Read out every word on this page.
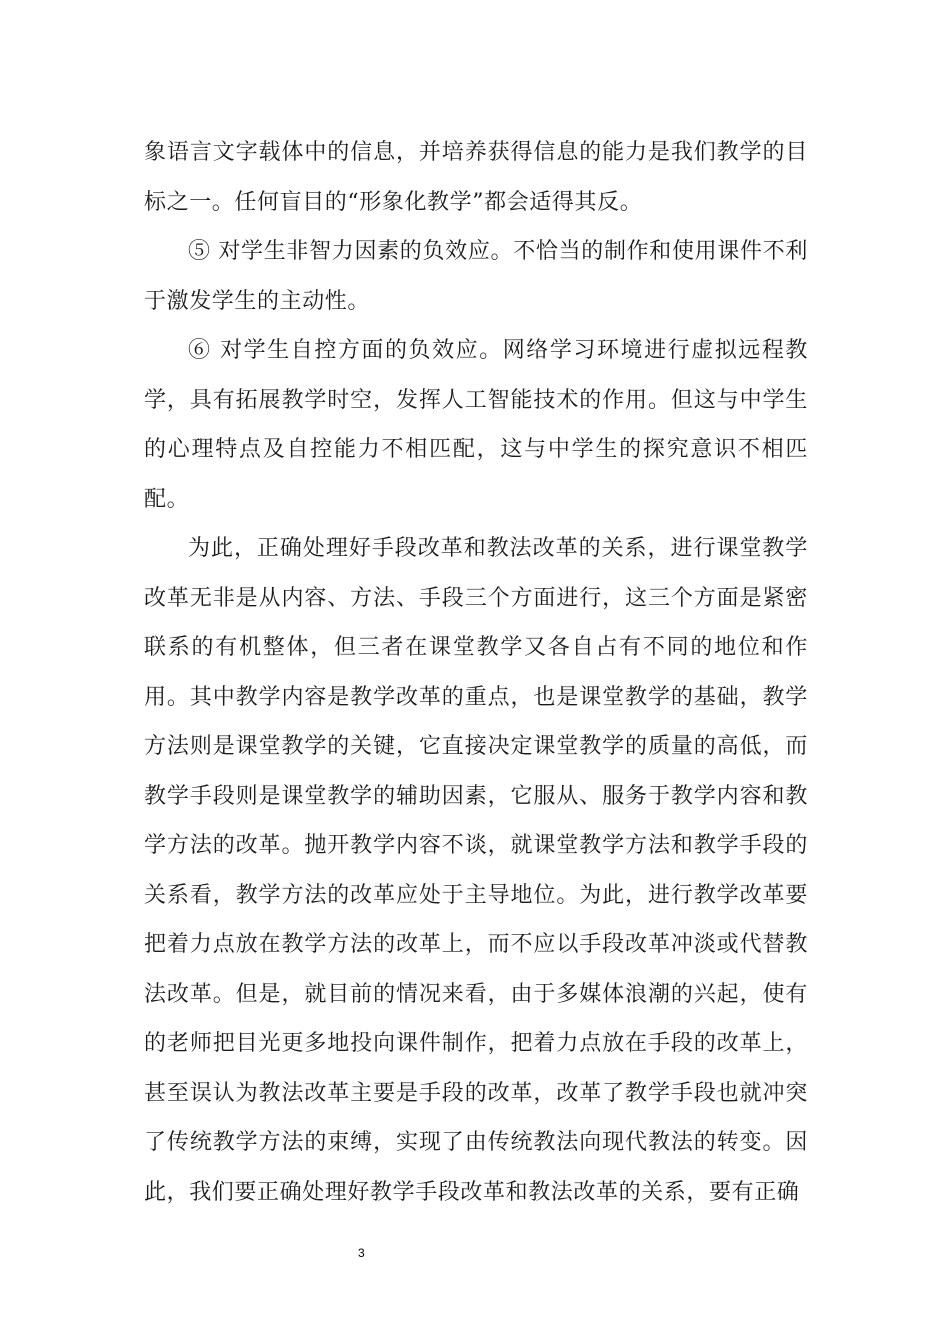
象语言文字载体中的信息，并培养获得信息的能力是我们教学的目标之一。任何盲目的“形象化教学”都会适得其反。

⑤ 对学生非智力因素的负效应。不恰当的制作和使用课件不利于激发学生的主动性。

⑥ 对学生自控方面的负效应。网络学习环境进行虚拟远程教学，具有拓展教学时空，发挥人工智能技术的作用。但这与中学生的心理特点及自控能力不相匹配，这与中学生的探究意识不相匹配。

为此，正确处理好手段改革和教法改革的关系，进行课堂教学改革无非是从内容、方法、手段三个方面进行，这三个方面是紧密联系的有机整体，但三者在课堂教学又各自占有不同的地位和作用。其中教学内容是教学改革的重点，也是课堂教学的基础，教学方法则是课堂教学的关键，它直接决定课堂教学的质量的高低，而教学手段则是课堂教学的辅助因素，它服从、服务于教学内容和教学方法的改革。抛开教学内容不谈，就课堂教学方法和教学手段的关系看，教学方法的改革应处于主导地位。为此，进行教学改革要把着力点放在教学方法的改革上，而不应以手段改革冲淡或代替教法改革。但是，就目前的情况来看，由于多媒体浪潮的兴起，使有的老师把目光更多地投向课件制作，把着力点放在手段的改革上，甚至误认为教法改革主要是手段的改革，改革了教学手段也就冲突了传统教学方法的束缚，实现了由传统教法向现代教法的转变。因此，我们要正确处理好教学手段改革和教法改革的关系，要有正确

3
